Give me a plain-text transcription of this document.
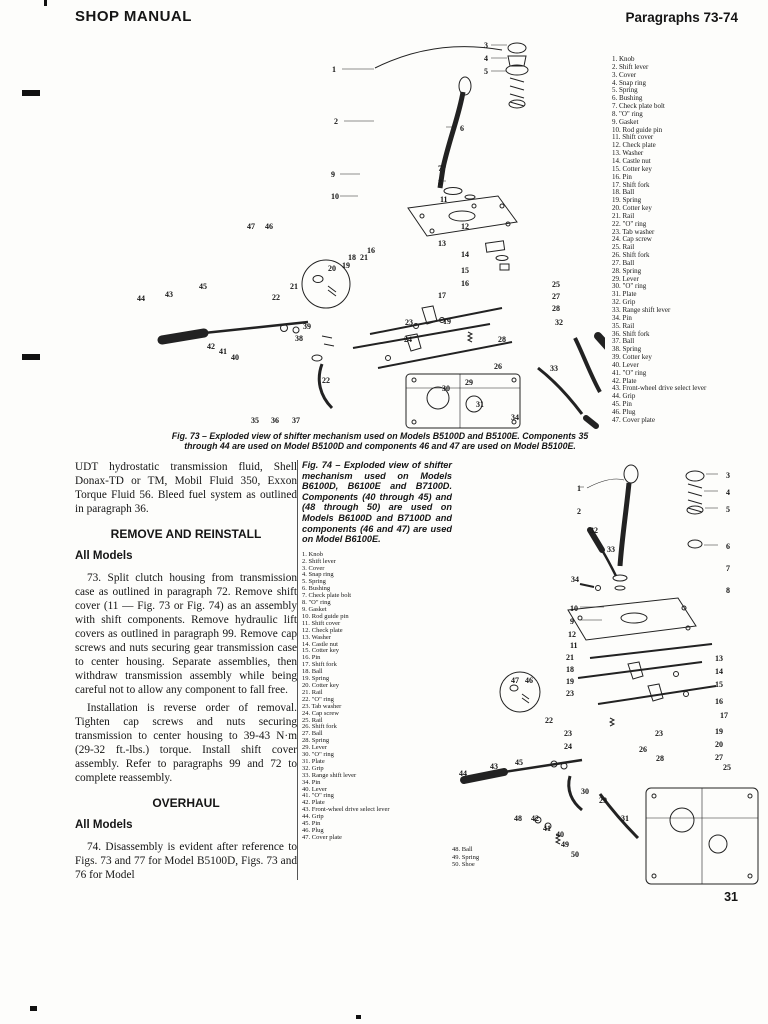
SHOP MANUAL	Paragraphs 73-74
3
4
5
1
2
6
7
8
9
10	11
12
47 46
13
14
16
18 21
15
19
20
21
22
39
38
23
24
19
16
17
25
27
28
32
28
26	33
30
29
31
44	43
45
42
41
40
22
35 36 37	34
1. Knob
2. Shift lever
3. Cover
4. Snap ring
5. Spring
6. Bushing
7. Check plate bolt
8. "O" ring
9. Gasket
10. Rod guide pin
11. Shift cover
12. Check plate
13. Washer
14. Castle nut
15. Cotter key
16. Pin
17. Shift fork
18. Ball
19. Spring
20. Cotter key
21. Rail
22. "O" ring
23. Tab washer
24. Cap screw
25. Rail
26. Shift fork
27. Ball
28. Spring
29. Lever
30. "O" ring
31. Plate
32. Grip
33. Range shift lever
34. Pin
35. Rail
36. Shift fork
37. Ball
38. Spring
39. Cotter key
40. Lever
41. "O" ring
42. Plate
43. Front-wheel drive select lever
44. Grip
45. Pin
46. Plug
47. Cover plate
Fig. 73 – Exploded view of shifter mechanism used on Models B5100D and B5100E. Components 35
through 44 are used on Model B5100D and components 46 and 47 are used on Model B5100E.

UDT hydrostatic transmission fluid, Shell Donax-TD or TM, Mobil Fluid 350, Exxon Torque Fluid 56. Bleed fuel system as outlined in paragraph 36.

REMOVE AND REINSTALL
All Models

73. Split clutch housing from transmission case as outlined in paragraph 72. Remove shift cover (11 — Fig. 73 or Fig. 74) as an assembly with shift components. Remove hydraulic lift covers as outlined in paragraph 99. Remove cap screws and nuts securing gear transmission case to center housing. Separate assemblies, then withdraw transmission assembly while being careful not to allow any component to fall free.

Installation is reverse order of removal. Tighten cap screws and nuts securing transmission to center housing to 39-43 N·m (29-32 ft.-lbs.) torque. Install shift cover assembly. Refer to paragraphs 99 and 72 to complete reassembly.

OVERHAUL
All Models

74. Disassembly is evident after reference to Figs. 73 and 77 for Model B5100D, Figs. 73 and 76 for Model

Fig. 74 – Exploded view of shifter mechanism used on Models B6100D, B6100E and B7100D. Components (40 through 45) and (48 through 50) are used on Models B6100D and B7100D and components (46 and 47) are used on Model B6100E.
1. Knob
2. Shift lever
3. Cover
4. Snap ring
5. Spring
6. Bushing
7. Check plate bolt
8. "O" ring
9. Gasket
10. Rod guide pin
11. Shift cover
12. Check plate
13. Washer
14. Castle nut
15. Cotter key
16. Pin
17. Shift fork
18. Ball
19. Spring
20. Cotter key
21. Rail
22. "O" ring
23. Tab washer
24. Cap screw
25. Rail
26. Shift fork
27. Ball
28. Spring
29. Lever
30. "O" ring
31. Plate
32. Grip
33. Range shift lever
34. Pin
40. Lever
41. "O" ring
42. Plate
43. Front-wheel drive select lever
44. Grip
45. Pin
46. Plug
47. Cover plate
48. Ball
49. Spring
50. Shoe
1
2
3
4
5
32
33	6
34
7
8
10
9
12
11
21
18
19
23
13
14
15
16
17
19
20
27
25
47 46
22
23
24
23
26
28
44
43 45
30
29
31
48 42
41
40
49
50
31
